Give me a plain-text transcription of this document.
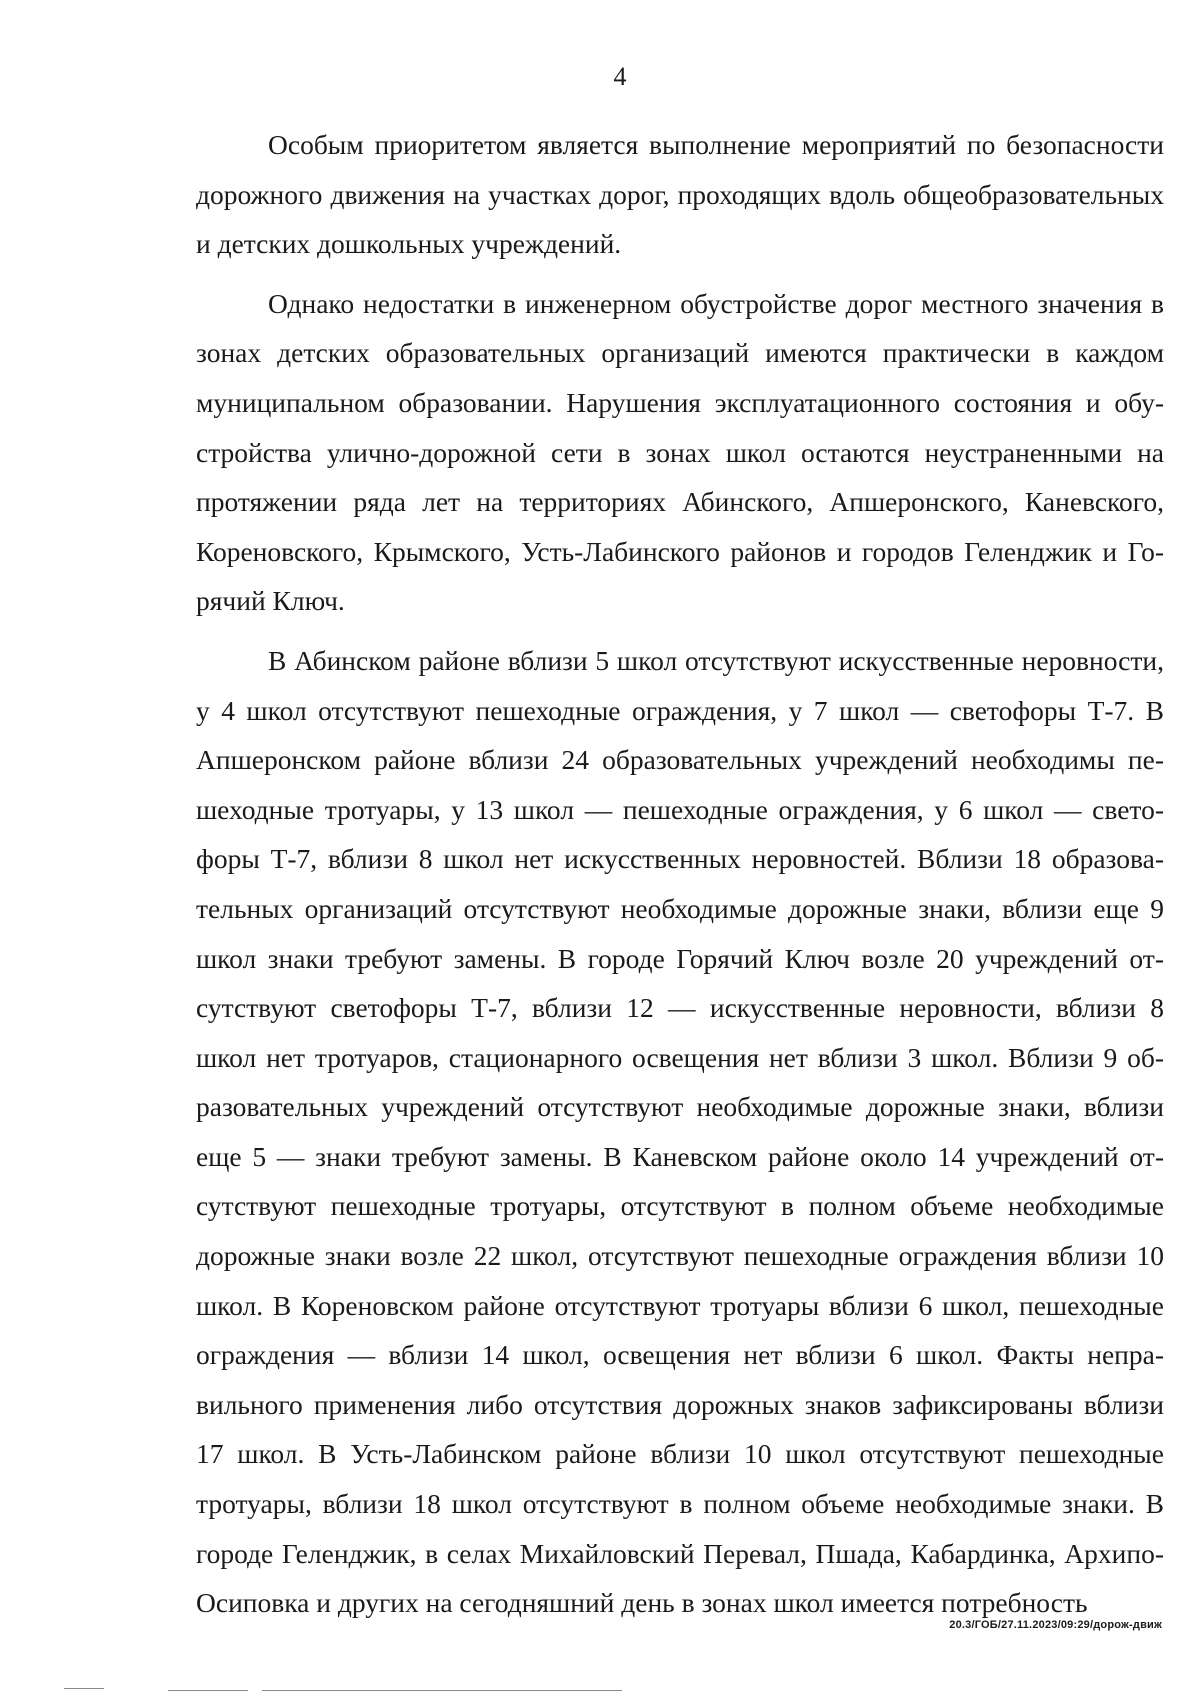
4

Особым приоритетом является выполнение мероприятий по безопасности дорожного движения на участках дорог, проходящих вдоль общеобразовательных и детских дошкольных учреждений.

Однако недостатки в инженерном обустройстве дорог местного значения в зонах детских образовательных организаций имеются практически в каждом муниципальном образовании. Нарушения эксплуатационного состояния и обустройства улично-дорожной сети в зонах школ остаются неустраненными на протяжении ряда лет на территориях Абинского, Апшеронского, Каневского, Кореновского, Крымского, Усть-Лабинского районов и городов Геленджик и Горячий Ключ.

В Абинском районе вблизи 5 школ отсутствуют искусственные неровности, у 4 школ отсутствуют пешеходные ограждения, у 7 школ — светофоры Т-7. В Апшеронском районе вблизи 24 образовательных учреждений необходимы пешеходные тротуары, у 13 школ — пешеходные ограждения, у 6 школ — светофоры Т-7, вблизи 8 школ нет искусственных неровностей. Вблизи 18 образовательных организаций отсутствуют необходимые дорожные знаки, вблизи еще 9 школ знаки требуют замены. В городе Горячий Ключ возле 20 учреждений отсутствуют светофоры Т-7, вблизи 12 — искусственные неровности, вблизи 8 школ нет тротуаров, стационарного освещения нет вблизи 3 школ. Вблизи 9 образовательных учреждений отсутствуют необходимые дорожные знаки, вблизи еще 5 — знаки требуют замены. В Каневском районе около 14 учреждений отсутствуют пешеходные тротуары, отсутствуют в полном объеме необходимые дорожные знаки возле 22 школ, отсутствуют пешеходные ограждения вблизи 10 школ. В Кореновском районе отсутствуют тротуары вблизи 6 школ, пешеходные ограждения — вблизи 14 школ, освещения нет вблизи 6 школ. Факты неправильного применения либо отсутствия дорожных знаков зафиксированы вблизи 17 школ. В Усть-Лабинском районе вблизи 10 школ отсутствуют пешеходные тротуары, вблизи 18 школ отсутствуют в полном объеме необходимые знаки. В городе Геленджик, в селах Михайловский Перевал, Пшада, Кабардинка, Архипо-Осиповка и других на сегодняшний день в зонах школ имеется потребность

20.3/ГОБ/27.11.2023/09:29/дорож-движ
